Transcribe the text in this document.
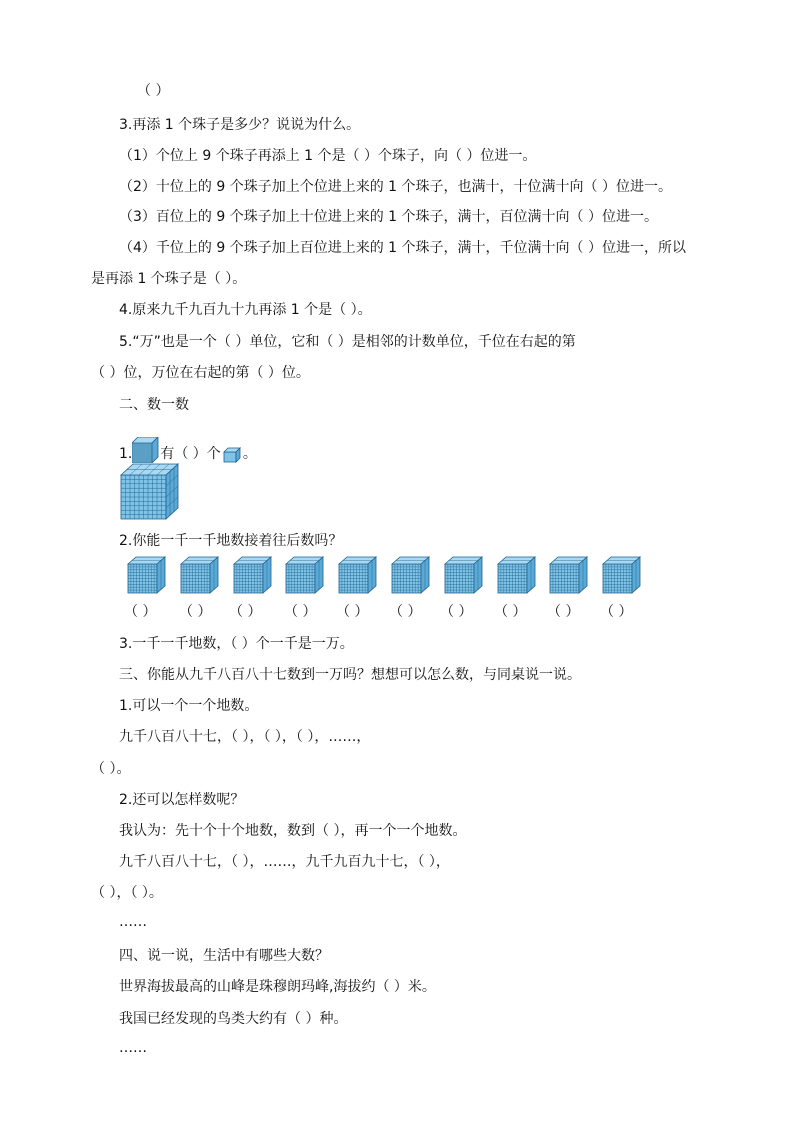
（ ）
3.再添 1 个珠子是多少？说说为什么。
（1）个位上 9 个珠子再添上 1 个是（ ）个珠子，向（ ）位进一。
（2）十位上的 9 个珠子加上个位进上来的 1 个珠子，也满十，十位满十向（ ）位进一。
（3）百位上的 9 个珠子加上十位进上来的 1 个珠子，满十，百位满十向（ ）位进一。
（4）千位上的 9 个珠子加上百位进上来的 1 个珠子，满十，千位满十向（ ）位进一，所以
是再添 1 个珠子是（ ）。
4.原来九千九百九十九再添 1 个是（ ）。
5.“万”也是一个（ ）单位，它和（ ）是相邻的计数单位，千位在右起的第
（ ）位，万位在右起的第（ ）位。
二、数一数
1. 有（ ）个 。
2.你能一千一千地数接着往后数吗？
（ ） （ ） （ ） （ ） （ ） （ ） （ ） （ ） （ ） （ ）
3.一千一千地数，（ ）个一千是一万。
三、你能从九千八百八十七数到一万吗？想想可以怎么数，与同桌说一说。
1.可以一个一个地数。
九千八百八十七，（ ），（ ），（ ），……，
（ ）。
2.还可以怎样数呢？
我认为：先十个十个地数，数到（ ），再一个一个地数。
九千八百八十七，（ ），……，九千九百九十七，（ ），
（ ），（ ）。
……
四、说一说，生活中有哪些大数？
世界海拔最高的山峰是珠穆朗玛峰,海拔约（ ）米。
我国已经发现的鸟类大约有（ ）种。
……
